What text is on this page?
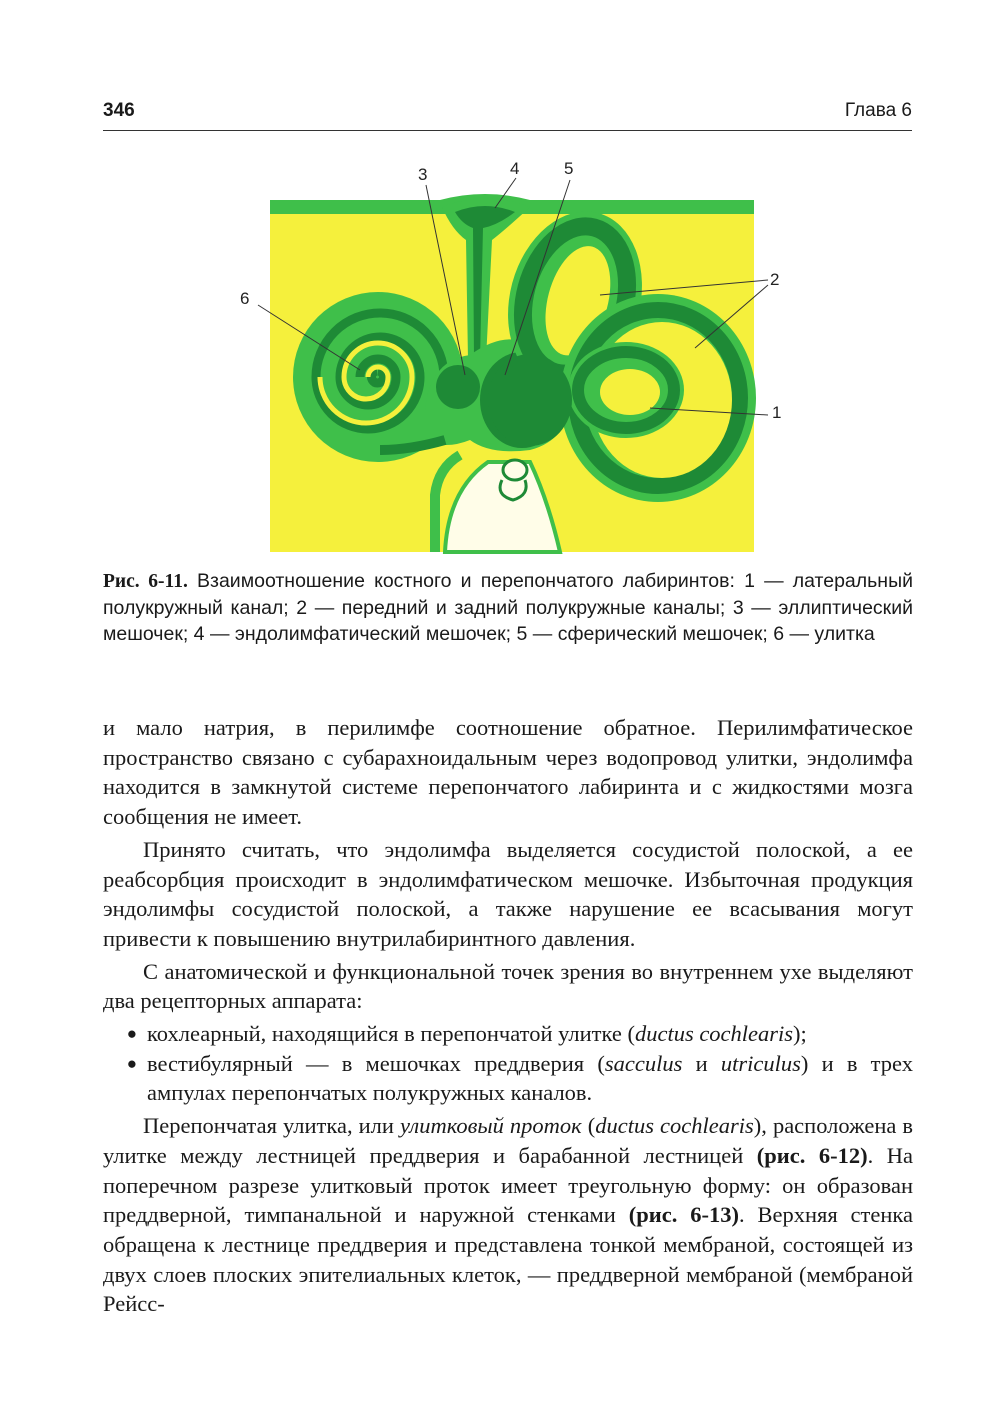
346	Глава 6
1
2
3	4	5
6
Рис. 6-11. Взаимоотношение костного и перепончатого лабиринтов: 1 — латеральный полукружный канал; 2 — передний и задний полукружные каналы; 3 — эллиптический мешочек; 4 — эндолимфатический мешочек; 5 — сферический мешочек; 6 — улитка

и мало натрия, в перилимфе соотношение обратное. Перилимфатическое пространство связано с субарахноидальным через водопровод улитки, эндолимфа находится в замкнутой системе перепончатого лабиринта и с жидкостями мозга сообщения не имеет.

Принято считать, что эндолимфа выделяется сосудистой полоской, а ее реабсорбция происходит в эндолимфатическом мешочке. Избыточная продукция эндолимфы сосудистой полоской, а также нарушение ее всасывания могут привести к повышению внутрилабиринтного давления.

С анатомической и функциональной точек зрения во внутреннем ухе выделяют два рецепторных аппарата:

кохлеарный, находящийся в перепончатой улитке (ductus cochlearis);
вестибулярный — в мешочках преддверия (sacculus и utriculus) и в трех ампулах перепончатых полукружных каналов.

Перепончатая улитка, или улитковый проток (ductus cochlearis), расположена в улитке между лестницей преддверия и барабанной лестницей (рис. 6-12). На поперечном разрезе улитковый проток имеет треугольную форму: он образован преддверной, тимпанальной и наружной стенками (рис. 6-13). Верхняя стенка обращена к лестнице преддверия и представлена тонкой мембраной, состоящей из двух слоев плоских эпителиальных клеток, — преддверной мембраной (мембраной Рейсс-
